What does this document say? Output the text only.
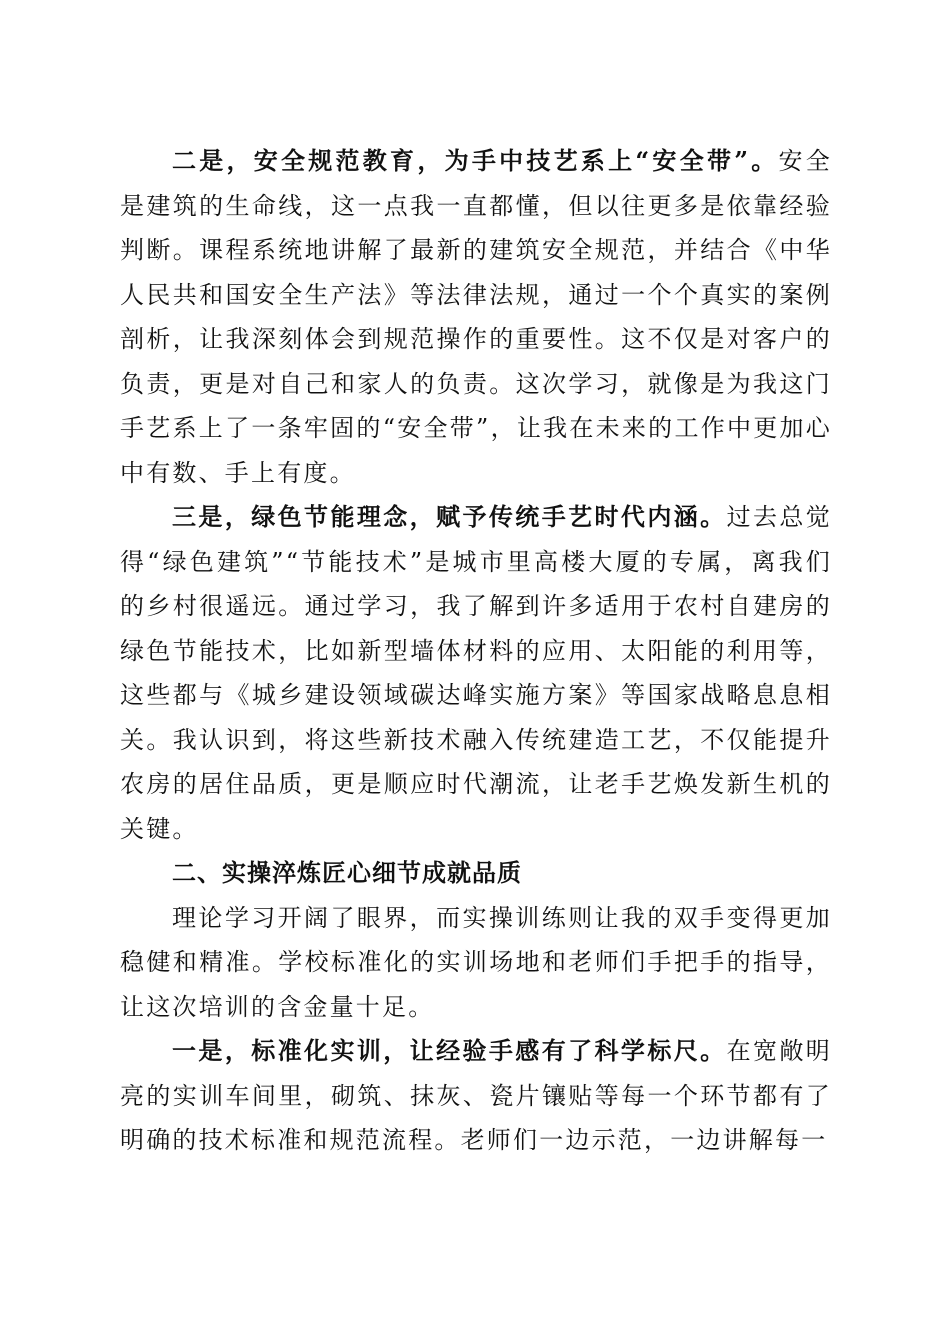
二是，安全规范教育，为手中技艺系上“安全带”。安全是建筑的生命线，这一点我一直都懂，但以往更多是依靠经验判断。课程系统地讲解了最新的建筑安全规范，并结合《中华人民共和国安全生产法》等法律法规，通过一个个真实的案例剖析，让我深刻体会到规范操作的重要性。这不仅是对客户的负责，更是对自己和家人的负责。这次学习，就像是为我这门手艺系上了一条牢固的“安全带”，让我在未来的工作中更加心中有数、手上有度。

三是，绿色节能理念，赋予传统手艺时代内涵。过去总觉得“绿色建筑”“节能技术”是城市里高楼大厦的专属，离我们的乡村很遥远。通过学习，我了解到许多适用于农村自建房的绿色节能技术，比如新型墙体材料的应用、太阳能的利用等，这些都与《城乡建设领域碳达峰实施方案》等国家战略息息相关。我认识到，将这些新技术融入传统建造工艺，不仅能提升农房的居住品质，更是顺应时代潮流，让老手艺焕发新生机的关键。

二、实操淬炼匠心细节成就品质

理论学习开阔了眼界，而实操训练则让我的双手变得更加稳健和精准。学校标准化的实训场地和老师们手把手的指导，让这次培训的含金量十足。

一是，标准化实训，让经验手感有了科学标尺。在宽敞明亮的实训车间里，砌筑、抹灰、瓷片镶贴等每一个环节都有了明确的技术标准和规范流程。老师们一边示范，一边讲解每一
